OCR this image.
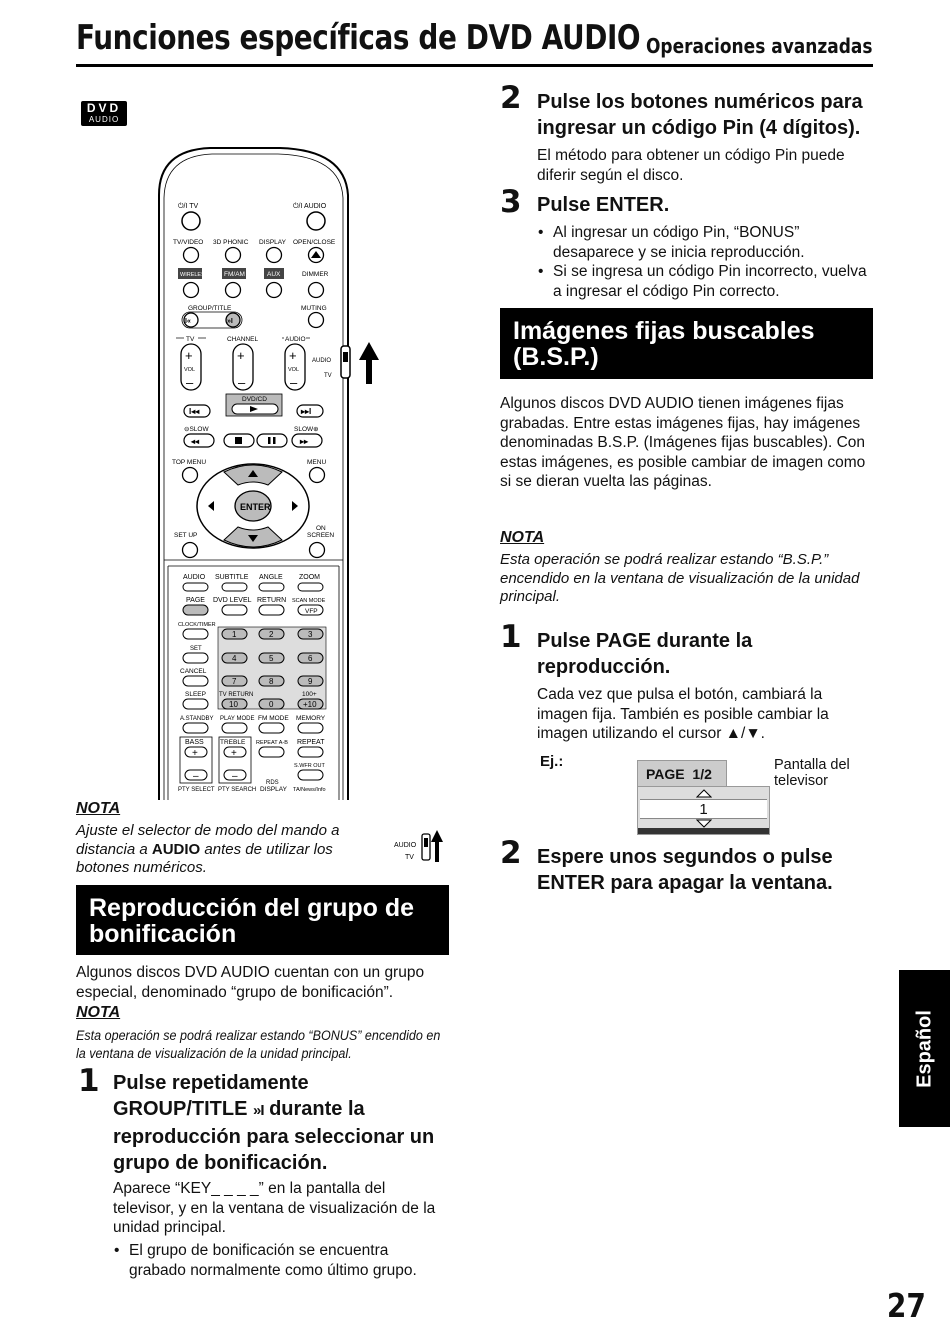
Funciones específicas de DVD AUDIO Operaciones avanzadas
DVD
AUDIO
⏻/I TV	⏻/I AUDIO
TV/VIDEO 3D PHONIC DISPLAY OPEN/CLOSE
WIRELESS FM/AM	AUX	DIMMER
GROUP/TITLE	MUTING
I«	»I
TV	CHANNEL	AUDIO
+
VOL
–
+
–
+
VOL
–
AUDIO
TV
DVD/CD
I◂◂	▸▸I
⊖SLOW	SLOW⊕
◂◂	▸▸
TOP MENU	MENU
ENTER
SET UP
ON
SCREEN
AUDIO SUBTITLE ANGLE ZOOM
PAGE DVD LEVEL RETURN SCAN MODE
VFP
CLOCK/TIMER
1	2	3
SET
4	5	6
CANCEL
7	8	9
SLEEP TV RETURN	100+
10	0	+10
A.STANDBY PLAY MODE FM MODE MEMORY
BASS	TREBLE
+
–
+
–
REPEAT A-B REPEAT
S.WFR OUT
RDS
DISPLAY
PTY SELECT PTY SEARCH	TA/News/Info
NOTA
Ajuste el selector de modo del mando a distancia a AUDIO antes de utilizar los botones numéricos.
AUDIO
TV
Reproducción del grupo de bonificación
Algunos discos DVD AUDIO cuentan con un grupo especial, denominado “grupo de bonificación”.
NOTA
Esta operación se podrá realizar estando “BONUS” encendido en la ventana de visualización de la unidad principal.
1 Pulse repetidamente GROUP/TITLE »I durante la reproducción para seleccionar un grupo de bonificación.
Aparece “KEY_ _ _ _” en la pantalla del televisor, y en la ventana de visualización de la unidad principal.
• El grupo de bonificación se encuentra grabado normalmente como último grupo.
2 Pulse los botones numéricos para ingresar un código Pin (4 dígitos).
El método para obtener un código Pin puede diferir según el disco.
3 Pulse ENTER.
• Al ingresar un código Pin, “BONUS” desaparece y se inicia reproducción.
• Si se ingresa un código Pin incorrecto, vuelva a ingresar el código Pin correcto.
Imágenes fijas buscables (B.S.P.)
Algunos discos DVD AUDIO tienen imágenes fijas grabadas. Entre estas imágenes fijas, hay imágenes denominadas B.S.P. (Imágenes fijas buscables). Con estas imágenes, es posible cambiar de imagen como si se dieran vuelta las páginas.
NOTA
Esta operación se podrá realizar estando “B.S.P.” encendido en la ventana de visualización de la unidad principal.
1 Pulse PAGE durante la reproducción.
Cada vez que pulsa el botón, cambiará la imagen fija. También es posible cambiar la imagen utilizando el cursor ▲/▼.
Ej.:
PAGE  1/2
1
Pantalla del televisor
2 Espere unos segundos o pulse ENTER para apagar la ventana.
Español
27
